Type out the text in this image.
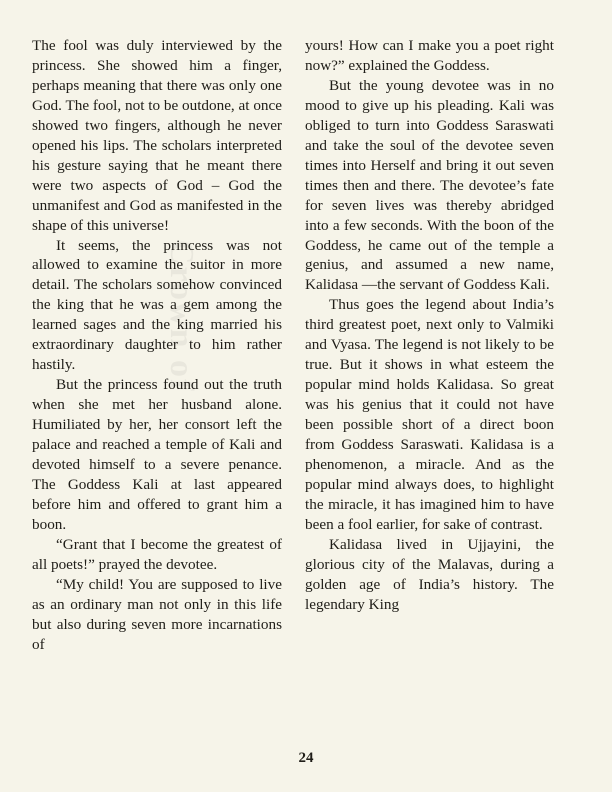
Crown of

The fool was duly interviewed by the princess. She showed him a finger, perhaps meaning that there was only one God. The fool, not to be outdone, at once showed two fingers, although he never opened his lips. The scholars interpreted his gesture saying that he meant there were two aspects of God – God the unmanifest and God as manifested in the shape of this universe!

It seems, the princess was not allowed to examine the suitor in more detail. The scholars somehow convinced the king that he was a gem among the learned sages and the king married his extraordinary daughter to him rather hastily.

But the princess found out the truth when she met her husband alone. Humiliated by her, her consort left the palace and reached a temple of Kali and devoted himself to a severe penance. The Goddess Kali at last appeared before him and offered to grant him a boon.

“Grant that I become the greatest of all poets!” prayed the devotee.

“My child! You are supposed to live as an ordinary man not only in this life but also during seven more incarnations of

yours! How can I make you a poet right now?” explained the Goddess.

But the young devotee was in no mood to give up his pleading. Kali was obliged to turn into Goddess Saraswati and take the soul of the devotee seven times into Herself and bring it out seven times then and there. The devotee’s fate for seven lives was thereby abridged into a few seconds. With the boon of the Goddess, he came out of the temple a genius, and assumed a new name, Kalidasa —the servant of Goddess Kali.

Thus goes the legend about India’s third greatest poet, next only to Valmiki and Vyasa. The legend is not likely to be true. But it shows in what esteem the popular mind holds Kalidasa. So great was his genius that it could not have been possible short of a direct boon from Goddess Saraswati. Kalidasa is a phenomenon, a miracle. And as the popular mind always does, to highlight the miracle, it has imagined him to have been a fool earlier, for sake of contrast.

Kalidasa lived in Ujjayini, the glorious city of the Malavas, during a golden age of India’s history. The legendary King

24
